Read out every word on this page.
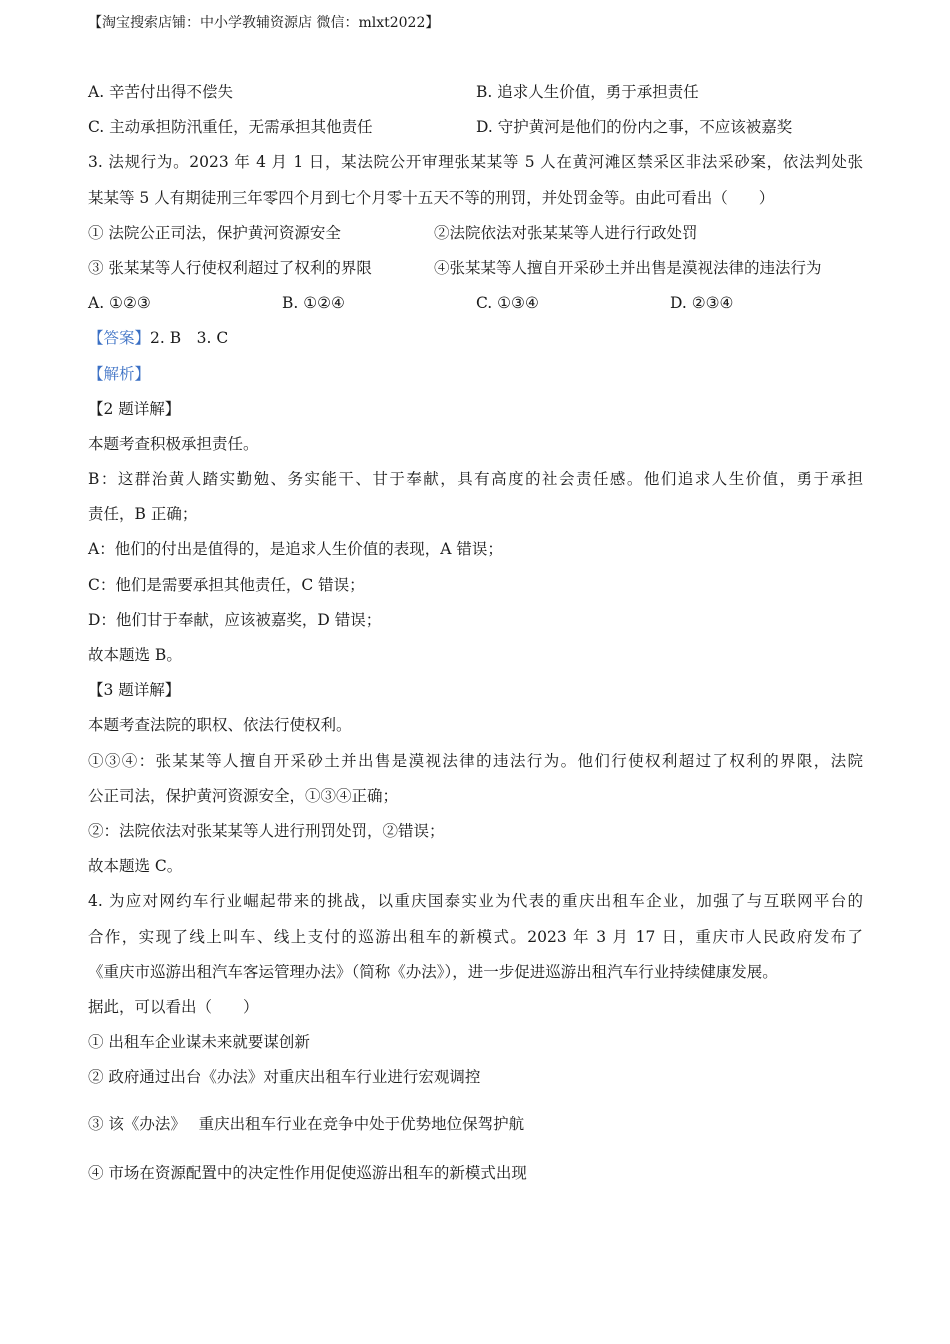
【淘宝搜索店铺：中小学教辅资源店 微信：mlxt2022】
A. 辛苦付出得不偿失	B. 追求人生价值，勇于承担责任
C. 主动承担防汛重任，无需承担其他责任	D. 守护黄河是他们的份内之事，不应该被嘉奖
3. 法规行为。2023 年 4 月 1 日，某法院公开审理张某某等 5 人在黄河滩区禁采区非法采砂案，依法判处张
某某等 5 人有期徒刑三年零四个月到七个月零十五天不等的刑罚，并处罚金等。由此可看出（　　）
① 法院公正司法，保护黄河资源安全	②法院依法对张某某等人进行行政处罚
③ 张某某等人行使权利超过了权利的界限	④张某某等人擅自开采砂土并出售是漠视法律的违法行为
A. ①②③	B. ①②④	C. ①③④	D. ②③④
【答案】2. B　3. C
【解析】
【2 题详解】
本题考查积极承担责任。
B：这群治黄人踏实勤勉、务实能干、甘于奉献，具有高度的社会责任感。他们追求人生价值，勇于承担
责任，B 正确；
A：他们的付出是值得的，是追求人生价值的表现，A 错误；
C：他们是需要承担其他责任，C 错误；
D：他们甘于奉献，应该被嘉奖，D 错误；
故本题选 B。
【3 题详解】
本题考查法院的职权、依法行使权利。
①③④：张某某等人擅自开采砂土并出售是漠视法律的违法行为。他们行使权利超过了权利的界限，法院
公正司法，保护黄河资源安全，①③④正确；
②：法院依法对张某某等人进行刑罚处罚，②错误；
故本题选 C。
4. 为应对网约车行业崛起带来的挑战，以重庆国泰实业为代表的重庆出租车企业，加强了与互联网平台的
合作，实现了线上叫车、线上支付的巡游出租车的新模式。2023 年 3 月 17 日，重庆市人民政府发布了
《重庆市巡游出租汽车客运管理办法》（简称《办法》），进一步促进巡游出租汽车行业持续健康发展。
据此，可以看出（　　）
① 出租车企业谋未来就要谋创新
② 政府通过出台《办法》对重庆出租车行业进行宏观调控
③ 该《办法》　 重庆出租车行业在竞争中处于优势地位保驾护航
④ 市场在资源配置中的决定性作用促使巡游出租车的新模式出现
